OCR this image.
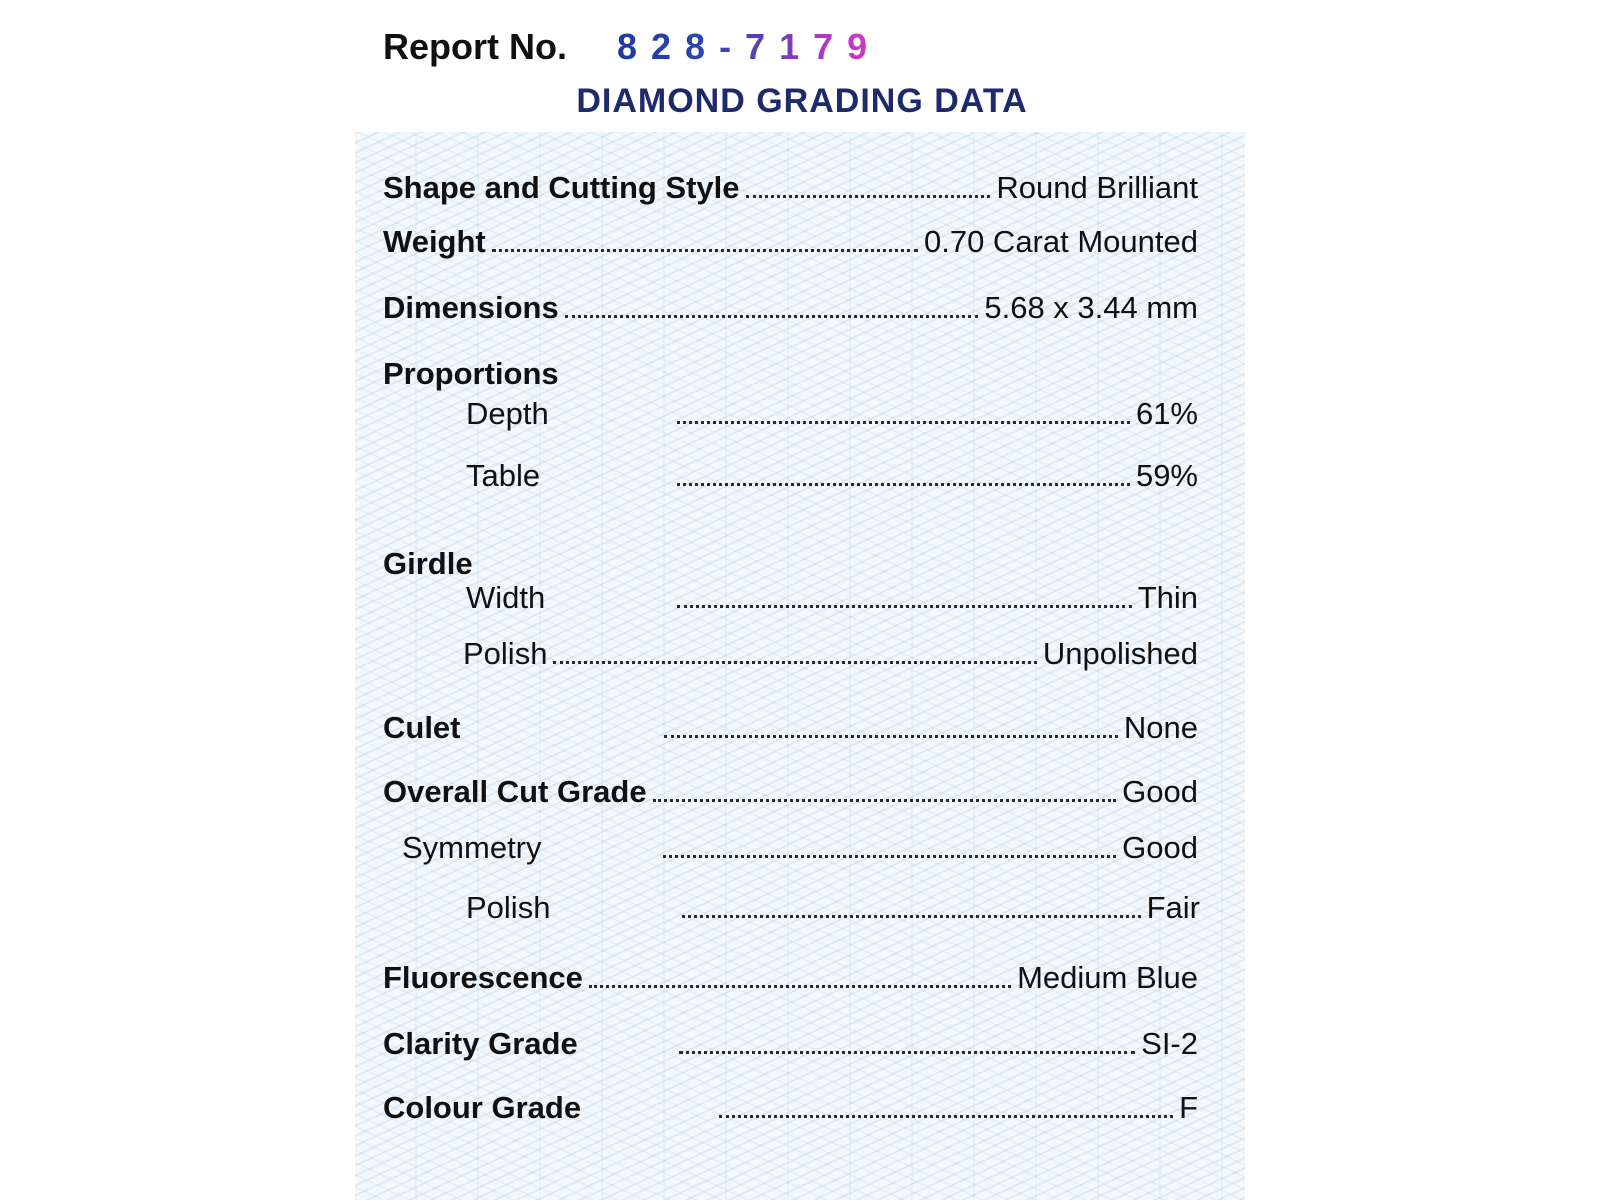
Report No. 828-7179
DIAMOND GRADING DATA
Shape and Cutting Style	Round Brilliant
Weight	0.70 Carat Mounted
Dimensions	5.68 x 3.44 mm
Proportions
Depth	61%
Table	59%
Girdle
Width	Thin
Polish	Unpolished
Culet	None
Overall Cut Grade	Good
Symmetry	Good
Polish	Fair
Fluorescence	Medium Blue
Clarity Grade	SI-2
Colour Grade	F
